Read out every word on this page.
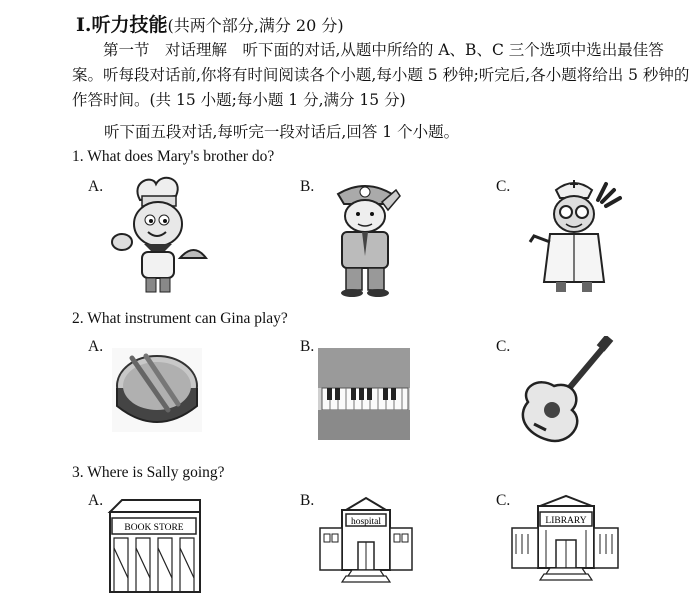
Ⅰ.听力技能(共两个部分,满分 20 分)
第一节　对话理解　听下面的对话,从题中所给的 A、B、C 三个选项中选出最佳答案。听每段对话前,你将有时间阅读各个小题,每小题 5 秒钟;听完后,各小题将给出 5 秒钟的作答时间。(共 15 小题;每小题 1 分,满分 15 分)
听下面五段对话,每听完一段对话后,回答 1 个小题。
1. What does Mary's brother do?
A.	B.	C.
2. What instrument can Gina play?
A.	B.	C.
3. Where is Sally going?
A.	B.	C.
BOOK STORE
hospital	LIBRARY
